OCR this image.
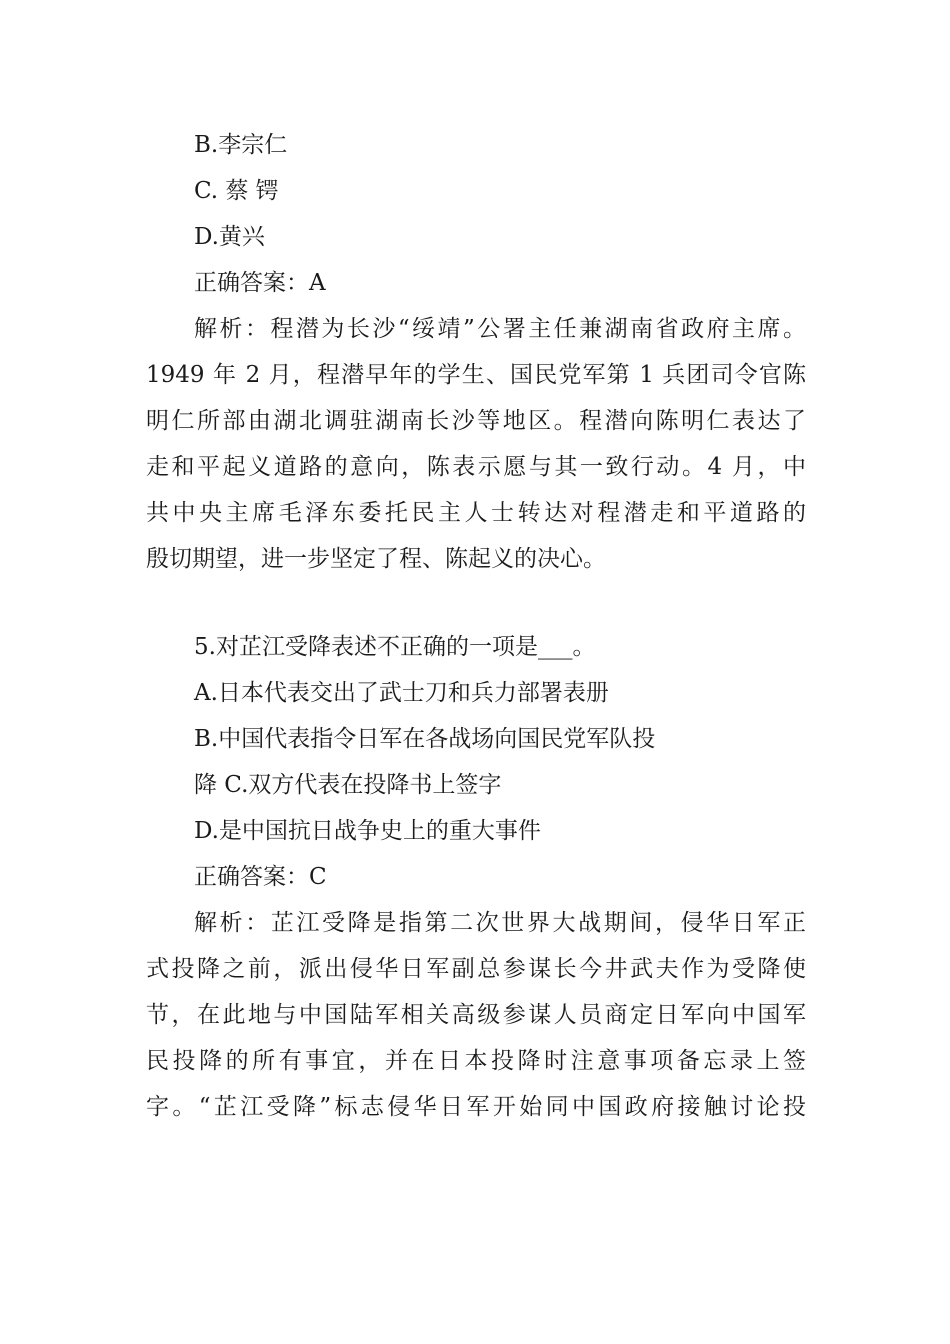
B.李宗仁
C. 蔡 锷
D.黄兴
正确答案：A
解析：程潜为长沙“绥靖”公署主任兼湖南省政府主席。
1949 年 2 月，程潜早年的学生、国民党军第 1 兵团司令官陈
明仁所部由湖北调驻湖南长沙等地区。程潜向陈明仁表达了
走和平起义道路的意向，陈表示愿与其一致行动。4 月，中
共中央主席毛泽东委托民主人士转达对程潜走和平道路的
殷切期望，进一步坚定了程、陈起义的决心。
5.对芷江受降表述不正确的一项是___。
A.日本代表交出了武士刀和兵力部署表册
B.中国代表指令日军在各战场向国民党军队投
降 C.双方代表在投降书上签字
D.是中国抗日战争史上的重大事件
正确答案：C
解析：芷江受降是指第二次世界大战期间，侵华日军正
式投降之前，派出侵华日军副总参谋长今井武夫作为受降使
节，在此地与中国陆军相关高级参谋人员商定日军向中国军
民投降的所有事宜，并在日本投降时注意事项备忘录上签
字。“芷江受降”标志侵华日军开始同中国政府接触讨论投
